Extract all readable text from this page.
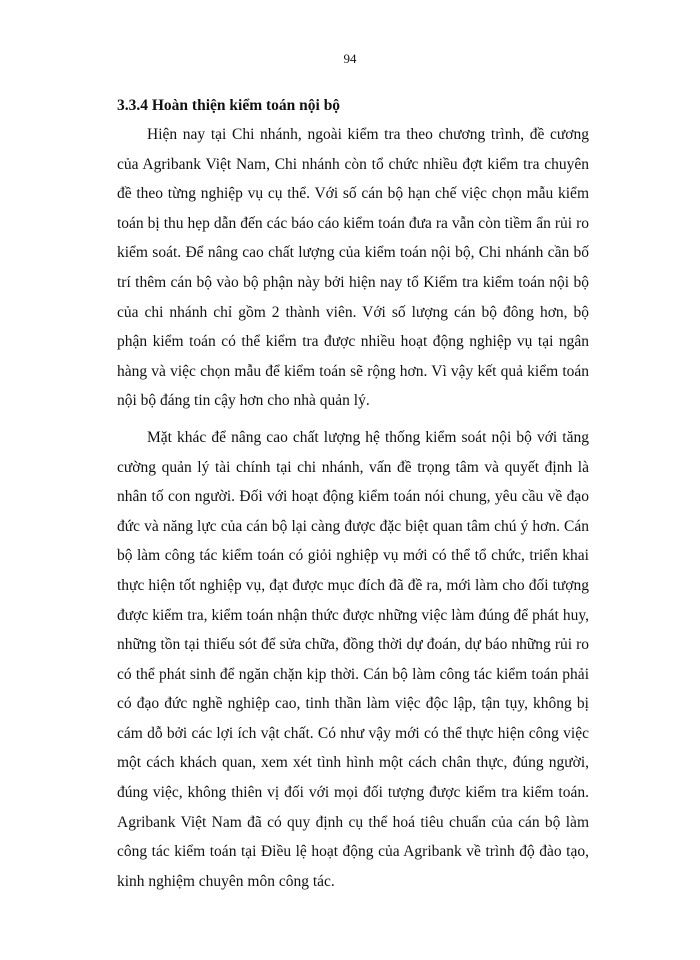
94
3.3.4 Hoàn thiện kiểm toán nội bộ

Hiện nay tại Chi nhánh, ngoài kiểm tra theo chương trình, đề cương của Agribank Việt Nam, Chi nhánh còn tổ chức nhiều đợt kiểm tra chuyên đề theo từng nghiệp vụ cụ thể. Với số cán bộ hạn chế việc chọn mẫu kiểm toán bị thu hẹp dẫn đến các báo cáo kiểm toán đưa ra vẫn còn tiềm ẩn rủi ro kiểm soát. Để nâng cao chất lượng của kiểm toán nội bộ, Chi nhánh cần bố trí thêm cán bộ vào bộ phận này bởi hiện nay tổ Kiểm tra kiểm toán nội bộ của chi nhánh chỉ gồm 2 thành viên. Với số lượng cán bộ đông hơn, bộ phận kiểm toán có thể kiểm tra được nhiều hoạt động nghiệp vụ tại ngân hàng và việc chọn mẫu để kiểm toán sẽ rộng hơn. Vì vậy kết quả kiểm toán nội bộ đáng tin cậy hơn cho nhà quản lý.

Mặt khác để nâng cao chất lượng hệ thống kiểm soát nội bộ với tăng cường quản lý tài chính tại chi nhánh, vấn đề trọng tâm và quyết định là nhân tố con người. Đối với hoạt động kiểm toán nói chung, yêu cầu về đạo đức và năng lực của cán bộ lại càng được đặc biệt quan tâm chú ý hơn. Cán bộ làm công tác kiểm toán có giỏi nghiệp vụ mới có thể tổ chức, triển khai thực hiện tốt nghiệp vụ, đạt được mục đích đã đề ra, mới làm cho đối tượng được kiểm tra, kiểm toán nhận thức được những việc làm đúng để phát huy, những tồn tại thiếu sót để sửa chữa, đồng thời dự đoán, dự báo những rủi ro có thể phát sinh để ngăn chặn kịp thời. Cán bộ làm công tác kiểm toán phải có đạo đức nghề nghiệp cao, tinh thần làm việc độc lập, tận tụy, không bị cám dỗ bởi các lợi ích vật chất. Có như vậy mới có thể thực hiện công việc một cách khách quan, xem xét tình hình một cách chân thực, đúng người, đúng việc, không thiên vị đối với mọi đối tượng được kiểm tra kiểm toán. Agribank Việt Nam đã có quy định cụ thể hoá tiêu chuẩn của cán bộ làm công tác kiểm toán tại Điều lệ hoạt động của Agribank về trình độ đào tạo, kinh nghiệm chuyên môn công tác.
